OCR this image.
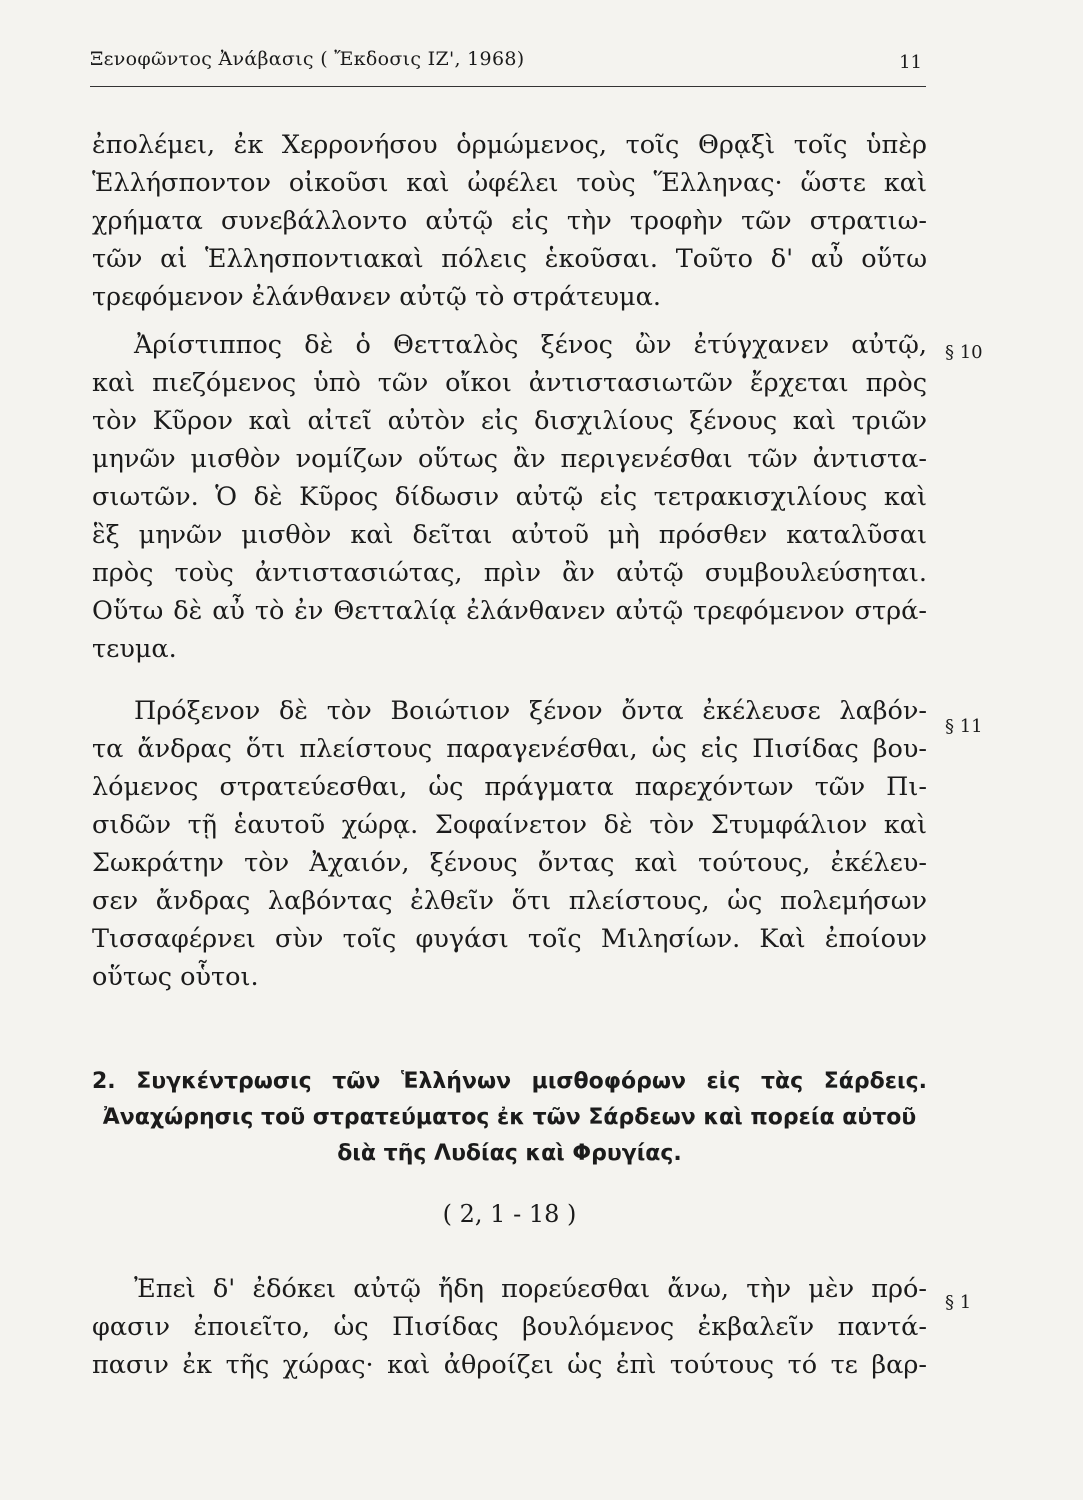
Ξενοφῶντος Ἀνάβασις ( Ἔκδοσις ΙΖ', 1968)	11
ἐπολέμει, ἐκ Χερρονήσου ὁρμώμενος, τοῖς Θρᾳξὶ τοῖς ὑπὲρ
Ἑλλήσποντον οἰκοῦσι καὶ ὠφέλει τοὺς Ἕλληνας· ὥστε καὶ
χρήματα συνεβάλλοντο αὐτῷ εἰς τὴν τροφὴν τῶν στρατιω-
τῶν αἱ Ἑλλησποντιακαὶ πόλεις ἑκοῦσαι. Τοῦτο δ' αὖ οὕτω
τρεφόμενον ἐλάνθανεν αὐτῷ τὸ στράτευμα.
§ 10
Ἀρίστιππος δὲ ὁ Θετταλὸς ξένος ὢν ἐτύγχανεν αὐτῷ,
καὶ πιεζόμενος ὑπὸ τῶν οἴκοι ἀντιστασιωτῶν ἔρχεται πρὸς
τὸν Κῦρον καὶ αἰτεῖ αὐτὸν εἰς δισχιλίους ξένους καὶ τριῶν
μηνῶν μισθὸν νομίζων οὕτως ἂν περιγενέσθαι τῶν ἀντιστα-
σιωτῶν. Ὁ δὲ Κῦρος δίδωσιν αὐτῷ εἰς τετρακισχιλίους καὶ
ἓξ μηνῶν μισθὸν καὶ δεῖται αὐτοῦ μὴ πρόσθεν καταλῦσαι
πρὸς τοὺς ἀντιστασιώτας, πρὶν ἂν αὐτῷ συμβουλεύσηται.
Οὕτω δὲ αὖ τὸ ἐν Θετταλίᾳ ἐλάνθανεν αὐτῷ τρεφόμενον στρά-
τευμα.
§ 11
Πρόξενον δὲ τὸν Βοιώτιον ξένον ὄντα ἐκέλευσε λαβόν-
τα ἄνδρας ὅτι πλείστους παραγενέσθαι, ὡς εἰς Πισίδας βου-
λόμενος στρατεύεσθαι, ὡς πράγματα παρεχόντων τῶν Πι-
σιδῶν τῇ ἑαυτοῦ χώρᾳ. Σοφαίνετον δὲ τὸν Στυμφάλιον καὶ
Σωκράτην τὸν Ἀχαιόν, ξένους ὄντας καὶ τούτους, ἐκέλευ-
σεν ἄνδρας λαβόντας ἐλθεῖν ὅτι πλείστους, ὡς πολεμήσων
Τισσαφέρνει σὺν τοῖς φυγάσι τοῖς Μιλησίων. Καὶ ἐποίουν
οὕτως οὗτοι.
2. Συγκέντρωσις τῶν Ἑλλήνων μισθοφόρων εἰς τὰς Σάρδεις.
Ἀναχώρησις τοῦ στρατεύματος ἐκ τῶν Σάρδεων καὶ πορεία αὐτοῦ
διὰ τῆς Λυδίας καὶ Φρυγίας.
( 2, 1 - 18 )
§ 1
Ἐπεὶ δ' ἐδόκει αὐτῷ ἤδη πορεύεσθαι ἄνω, τὴν μὲν πρό-
φασιν ἐποιεῖτο, ὡς Πισίδας βουλόμενος ἐκβαλεῖν παντά-
πασιν ἐκ τῆς χώρας· καὶ ἀθροίζει ὡς ἐπὶ τούτους τό τε βαρ-
